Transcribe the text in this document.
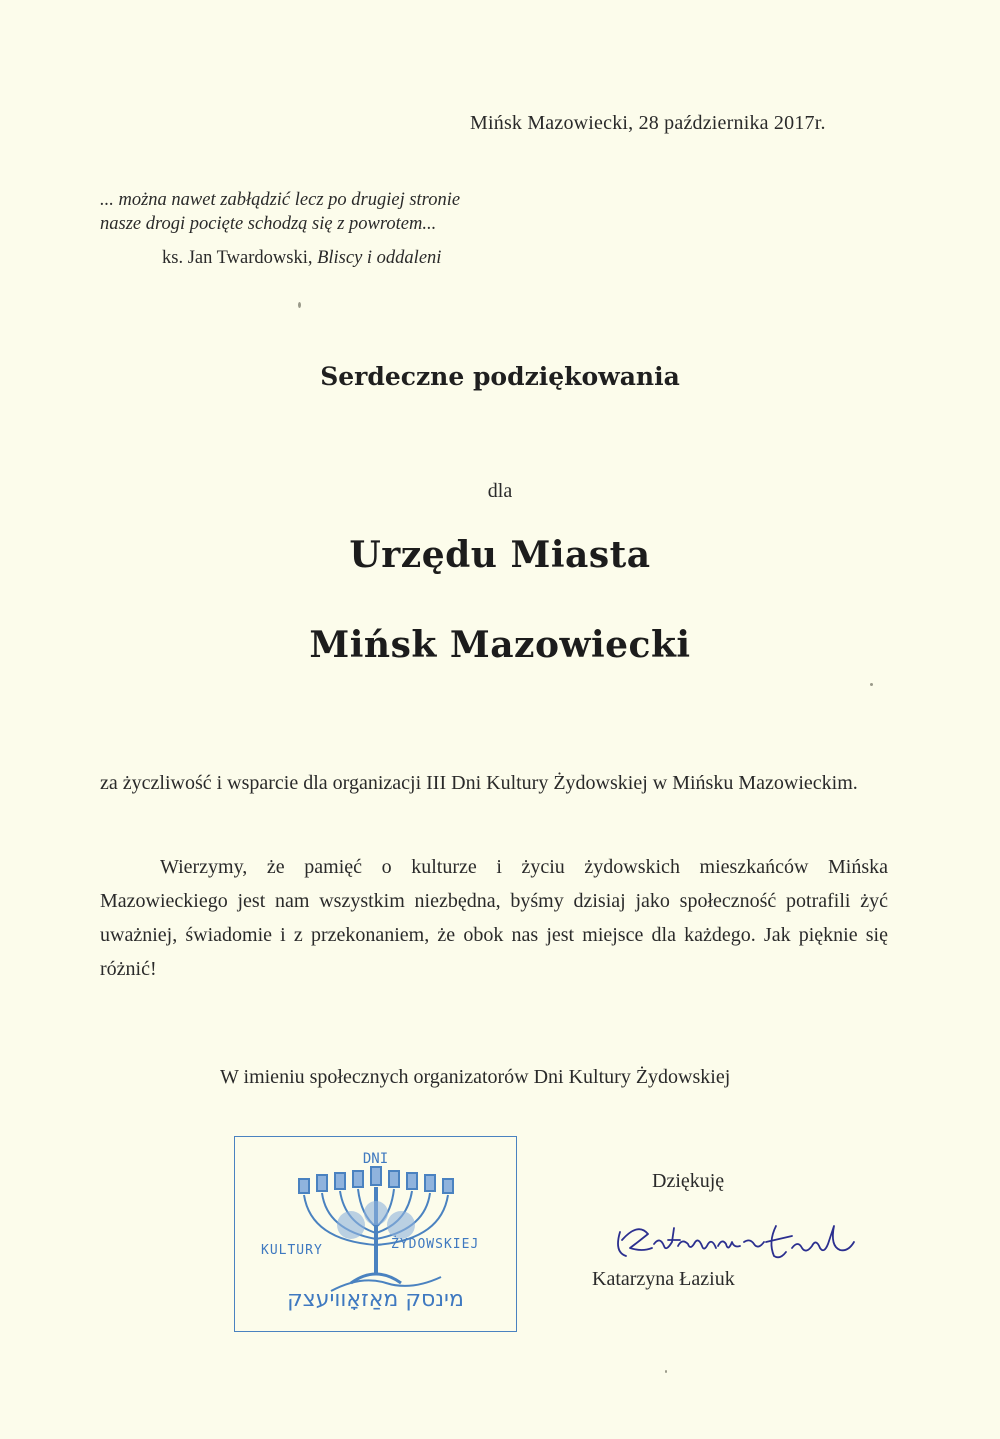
Mińsk Mazowiecki, 28 października 2017r.
... można nawet zabłądzić lecz po drugiej stronie
nasze drogi pocięte schodzą się z powrotem...
ks. Jan Twardowski, Bliscy i oddaleni
Serdeczne podziękowania
dla
Urzędu Miasta
Mińsk Mazowiecki
za życzliwość i wsparcie dla organizacji III Dni Kultury Żydowskiej w Mińsku Mazowieckim.
Wierzymy, że pamięć o kulturze i życiu żydowskich mieszkańców Mińska Mazowieckiego jest nam wszystkim niezbędna, byśmy dzisiaj jako społeczność potrafili żyć uważniej, świadomie i z przekonaniem, że obok nas jest miejsce dla każdego. Jak pięknie się różnić!
W imieniu społecznych organizatorów Dni Kultury Żydowskiej
DNI
KULTURY	ŻYDOWSKIEJ
מינסק מאַזאָוויעצק
Dziękuję
Katarzyna Łaziuk
